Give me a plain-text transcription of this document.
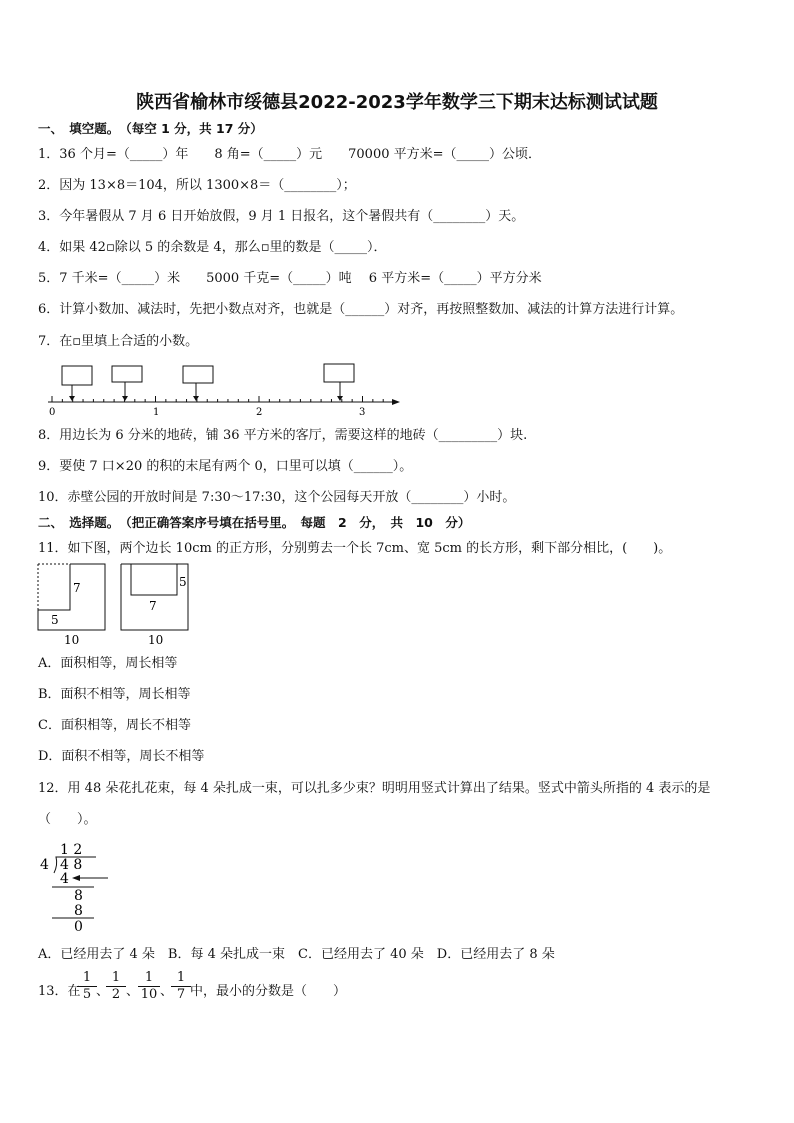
陕西省榆林市绥德县2022-2023学年数学三下期末达标测试试题
一、　填空题。　（每空 1 分，共 17 分）
1．36 个月=（_____）年　　8 角=（_____）元　　70000 平方米=（_____）公顷．
2．因为 13×8＝104，所以 1300×8＝（________）；
3．今年暑假从 7 月 6 日开始放假，9 月 1 日报名，这个暑假共有（________）天。
4．如果 42▫除以 5 的余数是 4，那么▫里的数是（_____）．
5．7 千米=（_____）米　　5000 千克=（_____）吨　 6 平方米=（_____）平方分米
6．计算小数加、减法时，先把小数点对齐，也就是（______）对齐，再按照整数加、减法的计算方法进行计算。
7．在▫里填上合适的小数。
0	1	2	3
8．用边长为 6 分米的地砖，铺 36 平方米的客厅，需要这样的地砖（_________）块.
9．要使 7 口×20 的积的末尾有两个 0，口里可以填（______）。
10．赤壁公园的开放时间是 7:30～17:30，这个公园每天开放（________）小时。
二、　选择题。　（把正确答案序号填在括号里。　每题　2　分，　共　10　分）
11．如下图，两个边长 10cm 的正方形，分别剪去一个长 7cm、宽 5cm 的长方形，剩下部分相比，(　　)。
7
5
10
5
7
10
A．面积相等，周长相等
B．面积不相等，周长相等
C．面积相等，周长不相等
D．面积不相等，周长不相等
12．用 48 朵花扎花束，每 4 朵扎成一束，可以扎多少束？明明用竖式计算出了结果。竖式中箭头所指的 4 表示的是
（　　）。
1 2
4 4 8
4
8
8
0
A．已经用去了 4 朵　B．每 4 朵扎成一束　C．已经用去了 40 朵　D．已经用去了 8 朵
13．在
$\frac{1}{5}$ 、
$\frac{1}{2}$ 、
$\frac{1}{10}$ 、
$\frac{1}{7}$ 中，最小的分数是（　　）
